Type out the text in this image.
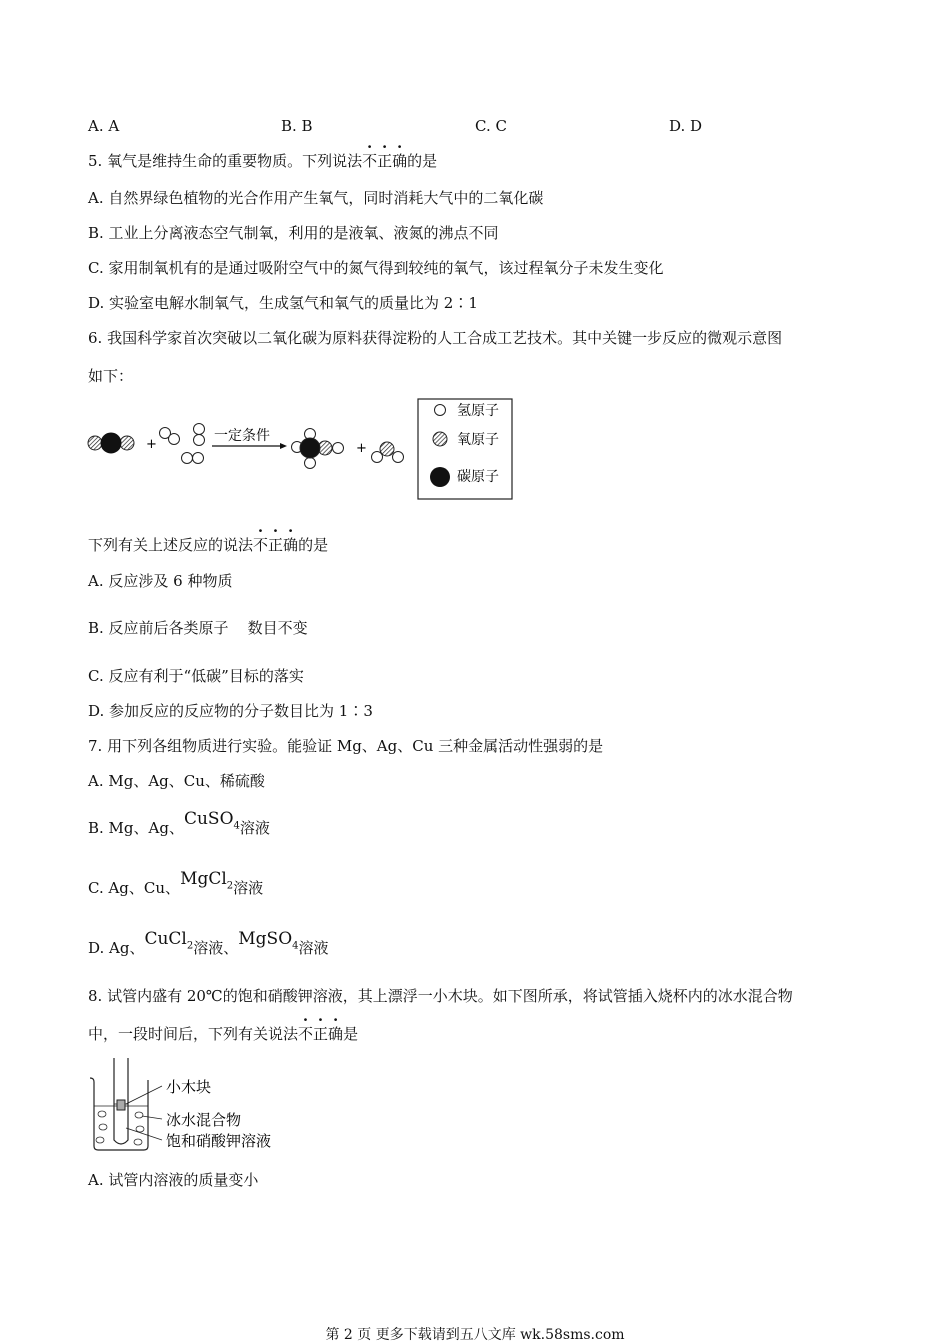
A. A	B. B	C. C	D. D
5. 氧气是维持生命的重要物质。下列说法不正确的是
A. 自然界绿色植物的光合作用产生氧气，同时消耗大气中的二氧化碳
B. 工业上分离液态空气制氧，利用的是液氧、液氮的沸点不同
C. 家用制氧机有的是通过吸附空气中的氮气得到较纯的氧气，该过程氧分子未发生变化
D. 实验室电解水制氧气，生成氢气和氧气的质量比为 2∶1
6. 我国科学家首次突破以二氧化碳为原料获得淀粉的人工合成工艺技术。其中关键一步反应的微观示意图
如下：
+
一定条件
+
氢原子
氧原子
碳原子
下列有关上述反应的说法不正确的是
A. 反应涉及 6 种物质
B. 反应前后各类原子    数目不变
C. 反应有利于“低碳”目标的落实
D. 参加反应的反应物的分子数目比为 1∶3
7. 用下列各组物质进行实验。能验证 Mg、Ag、Cu 三种金属活动性强弱的是
A. Mg、Ag、Cu、稀硫酸
B. Mg、Ag、CuSO$_4$溶液
C. Ag、Cu、MgCl$_2$溶液
D. Ag、CuCl$_2$溶液、MgSO$_4$溶液
8. 试管内盛有 20℃的饱和硝酸钾溶液，其上漂浮一小木块。如下图所承，将试管插入烧杯内的冰水混合物
中，一段时间后，下列有关说法不正确是
小木块
冰水混合物
饱和硝酸钾溶液
A. 试管内溶液的质量变小
第 2 页 更多下载请到五八文库 wk.58sms.com
